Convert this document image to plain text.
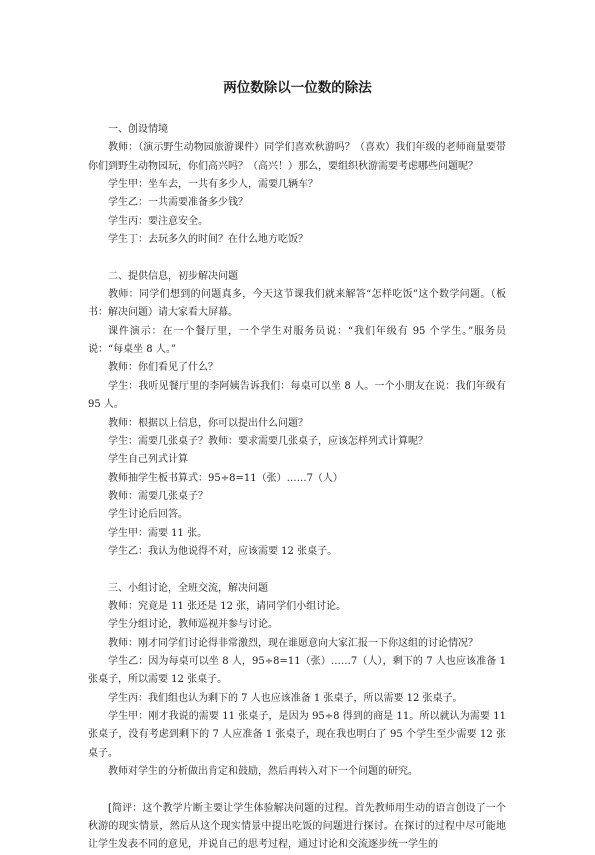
两位数除以一位数的除法

一、创设情境

教师：（演示野生动物园旅游课件）同学们喜欢秋游吗？（喜欢）我们年级的老师商量要带你们到野生动物园玩，你们高兴吗？（高兴！）那么，要组织秋游需要考虑哪些问题呢？

学生甲：坐车去，一共有多少人，需要几辆车？

学生乙：一共需要准备多少钱？

学生丙：要注意安全。

学生丁：去玩多久的时间？在什么地方吃饭？

二、提供信息，初步解决问题

教师：同学们想到的问题真多，今天这节课我们就来解答“怎样吃饭”这个数学问题。（板书：解决问题）请大家看大屏幕。

课件演示：在一个餐厅里，一个学生对服务员说：“我们年级有 95 个学生。”服务员说：“每桌坐 8 人。”

教师：你们看见了什么？

学生：我听见餐厅里的李阿姨告诉我们：每桌可以坐 8 人。一个小朋友在说：我们年级有 95 人。

教师：根据以上信息，你可以提出什么问题？

学生：需要几张桌子？教师：要求需要几张桌子，应该怎样列式计算呢？

学生自己列式计算

教师抽学生板书算式：95÷8=11（张）……7（人）

教师：需要几张桌子？

学生讨论后回答。

学生甲：需要 11 张。

学生乙：我认为他说得不对，应该需要 12 张桌子。

三、小组讨论，全班交流，解决问题

教师：究竟是 11 张还是 12 张，请同学们小组讨论。

学生分组讨论，教师巡视并参与讨论。

教师：刚才同学们讨论得非常激烈，现在谁愿意向大家汇报一下你这组的讨论情况？

学生乙：因为每桌可以坐 8 人，95÷8=11（张）……7（人），剩下的 7 人也应该准备 1 张桌子，所以需要 12 张桌子。

学生丙：我们组也认为剩下的 7 人也应该准备 1 张桌子，所以需要 12 张桌子。

学生甲：刚才我说的需要 11 张桌子，是因为 95÷8 得到的商是 11。所以就认为需要 11 张桌子，没有考虑到剩下的 7 人应准备 1 张桌子，现在我也明白了 95 个学生至少需要 12 张桌子。

教师对学生的分析做出肯定和鼓励，然后再转入对下一个问题的研究。

[简评：这个教学片断主要让学生体验解决问题的过程。首先教师用生动的语言创设了一个秋游的现实情景，然后从这个现实情景中提出吃饭的问题进行探讨。在探讨的过程中尽可能地让学生发表不同的意见，并说自己的思考过程，通过讨论和交流逐步统一学生的
